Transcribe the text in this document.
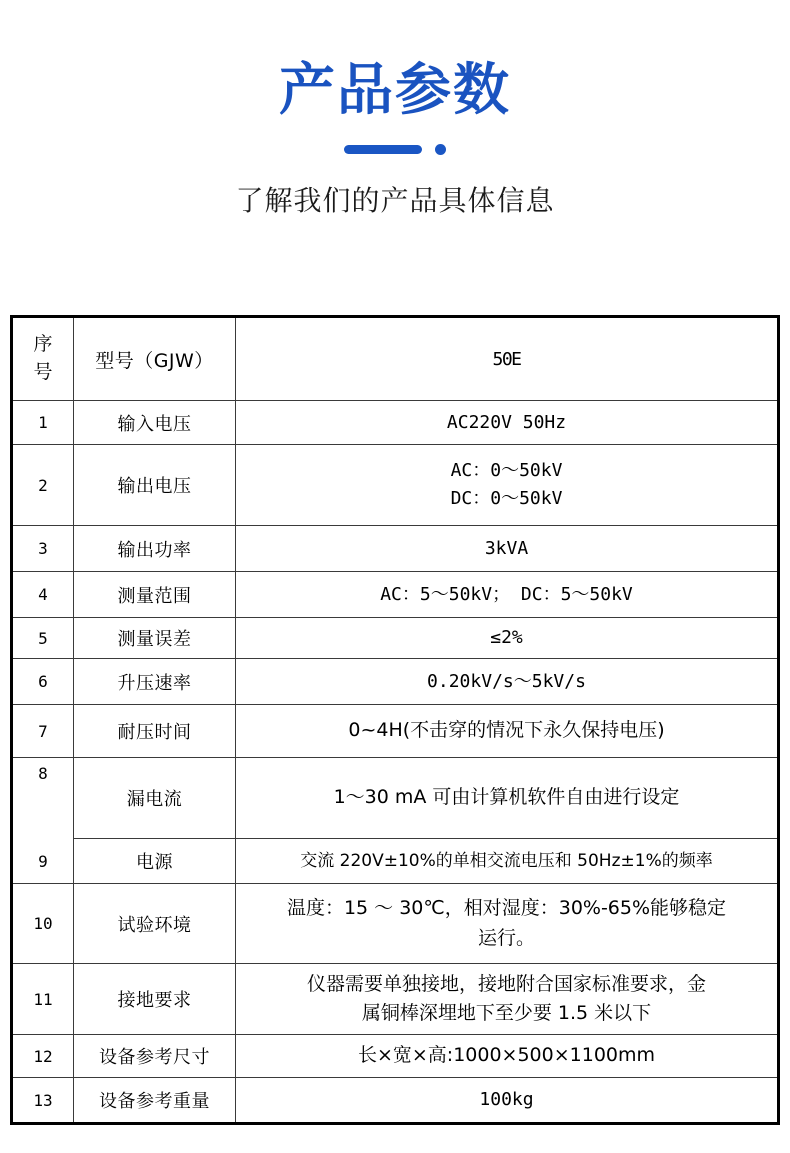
产品参数
了解我们的产品具体信息
序
号	型号（GJW）	50E
1	输入电压	AC220V 50Hz

2	输出电压	AC：0～50kV
DC：0～50kV

3	输出功率	3kVA

4	测量范围	AC：5～50kV； DC：5～50kV

5	测量误差	≤2%

6	升压速率	0.20kV/s～5kV/s

7	耐压时间	0~4H(不击穿的情况下永久保持电压)

8	漏电流	1～30 mA 可由计算机软件自由进行设定

9	电源	交流 220V±10%的单相交流电压和 50Hz±1%的频率

10	试验环境	温度：15 ～ 30℃，相对湿度：30%-65%能够稳定
运行。

11	接地要求	仪器需要单独接地，接地附合国家标准要求，金
属铜棒深埋地下至少要 1.5 米以下

12	设备参考尺寸	长×宽×高:1000×500×1100mm

13	设备参考重量	100kg
